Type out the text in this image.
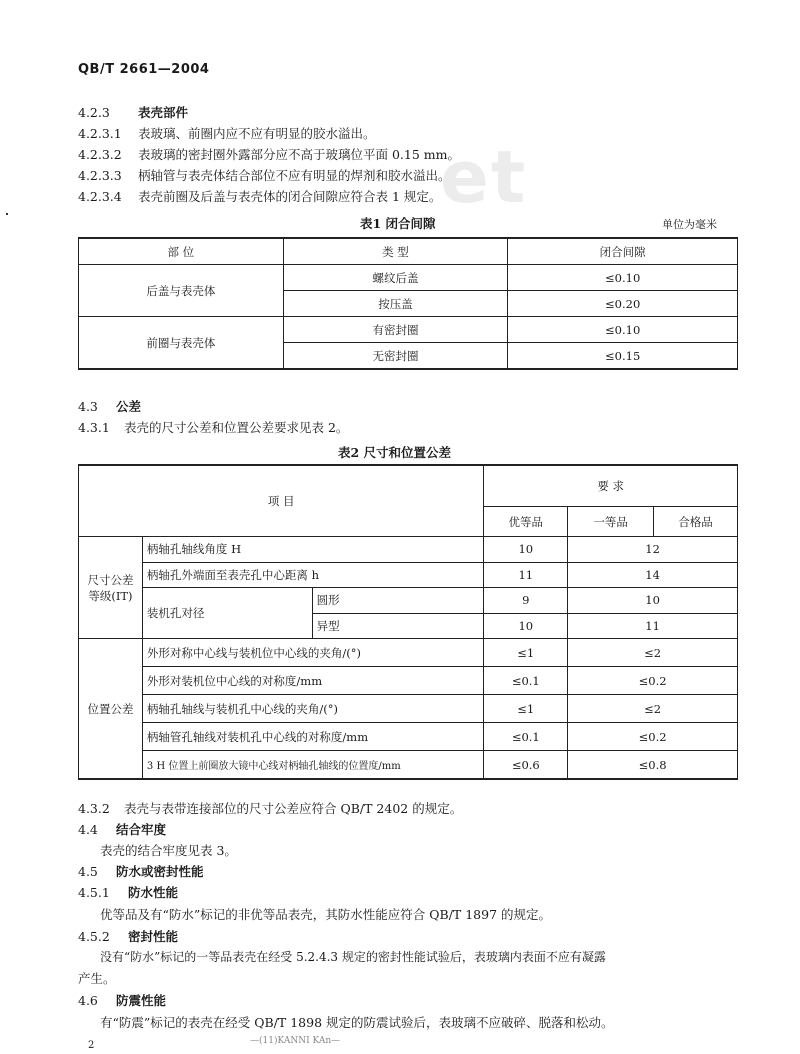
et
QB/T 2661—2004
4.2.3 表壳部件
4.2.3.1 表玻璃、前圈内应不应有明显的胶水溢出。
4.2.3.2 表玻璃的密封圈外露部分应不高于玻璃位平面 0.15 mm。
4.2.3.3 柄轴管与表壳体结合部位不应有明显的焊剂和胶水溢出。
4.2.3.4 表壳前圈及后盖与表壳体的闭合间隙应符合表 1 规定。
表1 闭合间隙	单位为毫米
部 位	类 型	闭合间隙
后盖与表壳体	螺纹后盖	≤0.10
	按压盖	≤0.20
前圈与表壳体	有密封圈	≤0.10
	无密封圈	≤0.15
4.3 公差
4.3.1 表壳的尺寸公差和位置公差要求见表 2。
表2 尺寸和位置公差
项 目			要 求		
			优等品	一等品	合格品
尺寸公差等级(IT)	柄轴孔轴线角度 H		10	12	
	柄轴孔外端面至表壳孔中心距离 h		11	14	
	装机孔对径	圆形	9	10	
		异型	10	11	
位置公差	外形对称中心线与装机位中心线的夹角/(°)		≤1	≤2	
	外形对装机位中心线的对称度/mm		≤0.1	≤0.2	
	柄轴孔轴线与装机孔中心线的夹角/(°)		≤1	≤2	
	柄轴管孔轴线对装机孔中心线的对称度/mm		≤0.1	≤0.2	
	3 H 位置上前圈放大镜中心线对柄轴孔轴线的位置度/mm		≤0.6	≤0.8	
4.3.2 表壳与表带连接部位的尺寸公差应符合 QB/T 2402 的规定。
4.4 结合牢度
表壳的结合牢度见表 3。
4.5 防水或密封性能
4.5.1 防水性能
优等品及有“防水”标记的非优等品表壳，其防水性能应符合 QB/T 1897 的规定。
4.5.2 密封性能
没有“防水”标记的一等品表壳在经受 5.2.4.3 规定的密封性能试验后，表玻璃内表面不应有凝露
产生。
4.6 防震性能
有“防震”标记的表壳在经受 QB/T 1898 规定的防震试验后，表玻璃不应破碎、脱落和松动。
2	—(11)KANNI KAn—
